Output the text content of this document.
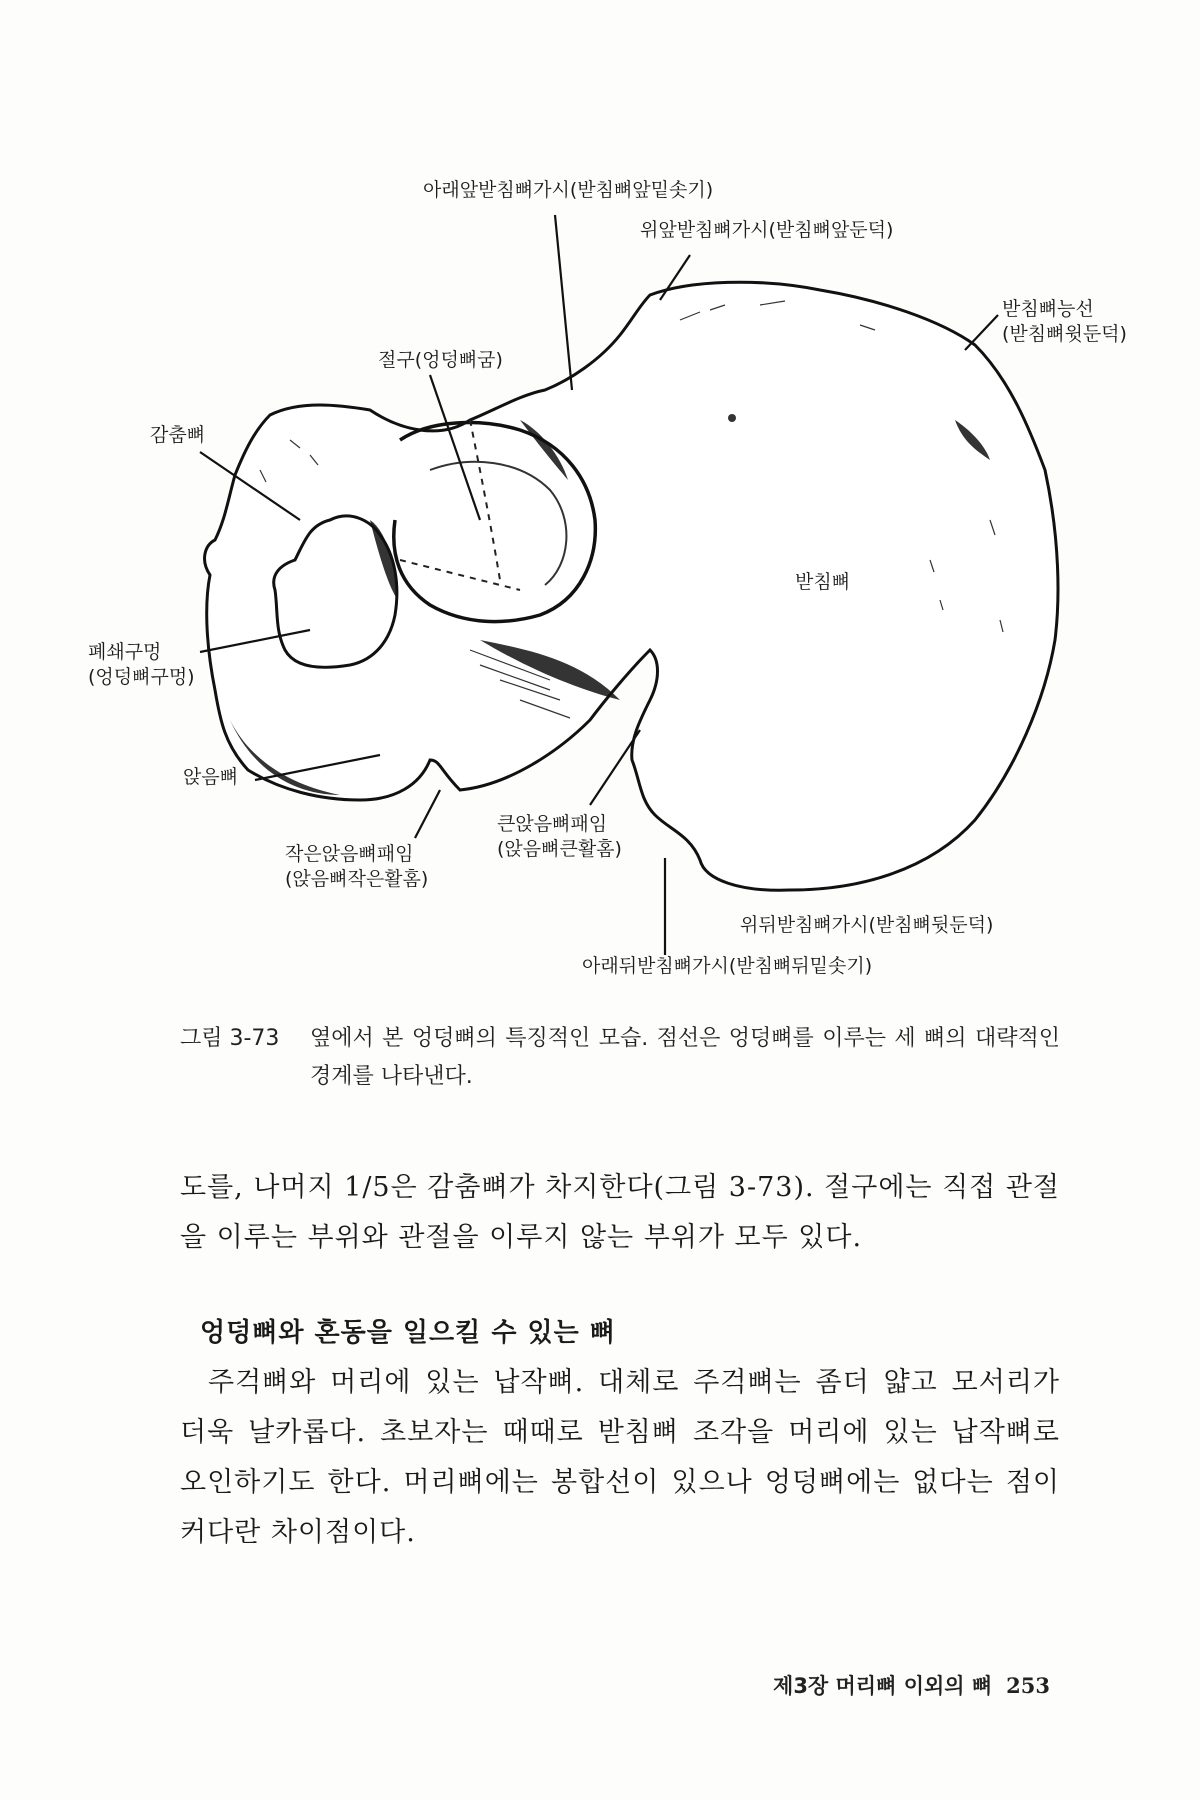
아래앞받침뼈가시(받침뼈앞밑솟기)
위앞받침뼈가시(받침뼈앞둔덕)
받침뼈능선
(받침뼈윗둔덕)
절구(엉덩뼈굼)
감춤뼈
받침뼈
폐쇄구멍
(엉덩뼈구멍)
앉음뼈
작은앉음뼈패임
(앉음뼈작은활홈)
큰앉음뼈패임
(앉음뼈큰활홈)
위뒤받침뼈가시(받침뼈뒷둔덕)
아래뒤받침뼈가시(받침뼈뒤밑솟기)
그림 3-73 옆에서 본 엉덩뼈의 특징적인 모습. 점선은 엉덩뼈를 이루는 세 뼈의 대략적인 경계를 나타낸다.
도를, 나머지 1/5은 감춤뼈가 차지한다(그림 3-73). 절구에는 직접 관절을 이루는 부위와 관절을 이루지 않는 부위가 모두 있다.
엉덩뼈와 혼동을 일으킬 수 있는 뼈
주걱뼈와 머리에 있는 납작뼈. 대체로 주걱뼈는 좀더 얇고 모서리가 더욱 날카롭다. 초보자는 때때로 받침뼈 조각을 머리에 있는 납작뼈로 오인하기도 한다. 머리뼈에는 봉합선이 있으나 엉덩뼈에는 없다는 점이 커다란 차이점이다.
제3장 머리뼈 이외의 뼈 253
